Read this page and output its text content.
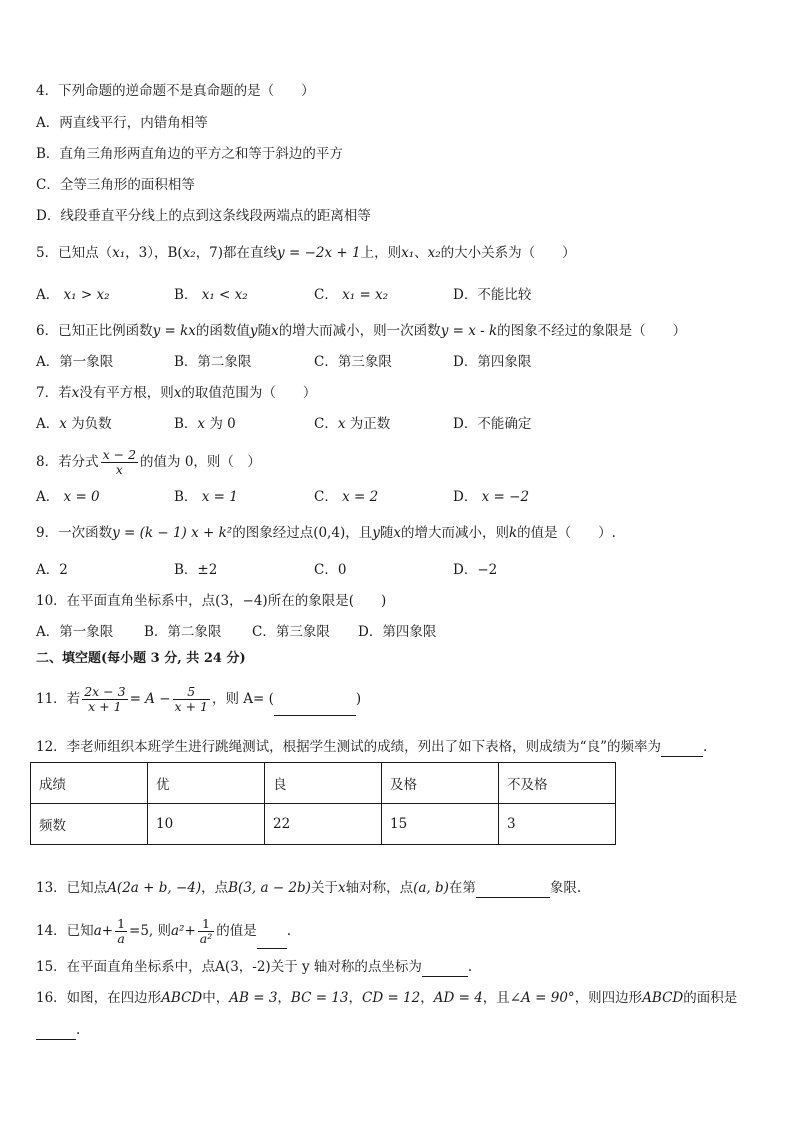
4．下列命题的逆命题不是真命题的是（　　）
A．两直线平行，内错角相等
B．直角三角形两直角边的平方之和等于斜边的平方
C．全等三角形的面积相等
D．线段垂直平分线上的点到这条线段两端点的距离相等
5．已知点（x₁，3），B(x₂，7)都在直线y = −2x + 1上，则x₁、x₂的大小关系为（　　）
A． x₁ > x₂	B． x₁ < x₂	C． x₁ = x₂	D．不能比较
6．已知正比例函数y = kx的函数值y随x的增大而减小，则一次函数y = x - k的图象不经过的象限是（　　）
A．第一象限	B．第二象限	C．第三象限	D．第四象限
7．若x没有平方根，则x的取值范围为（　　）
A．x 为负数	B．x 为 0	C．x 为正数	D．不能确定
8．若分式 $\frac{x - 2}{x}$ 的值为 0，则（　）
A． x = 0	B． x = 1	C． x = 2	D． x = −2
9．一次函数y = (k − 1) x + k²的图象经过点(0,4)，且y随x的增大而减小，则k的值是（　　）.
A．2	B．±2	C．0	D．−2
10．在平面直角坐标系中，点(3，−4)所在的象限是(　　)
A．第一象限 B．第二象限 C．第三象限 D．第四象限
二、填空题(每小题 3 分, 共 24 分)
11．若 $\frac{2x - 3}{x + 1} = A - \frac{5}{x + 1}$ ，则 A= (	)
12．李老师组织本班学生进行跳绳测试，根据学生测试的成绩，列出了如下表格，则成绩为“良”的频率为	.
成绩	优	良	及格	不及格
频数	10	22	15	3
13．已知点A(2a + b, −4)，点B(3, a − 2b)关于x轴对称，点(a, b)在第	象限.
14．已知$a+ \frac{1}{a} =5$, 则$a^2+ \frac{1}{\text{a²}}$ 的值是 .
15．在平面直角坐标系中，点A(3，-2)关于 y 轴对称的点坐标为	.
16．如图，在四边形ABCD中，AB = 3，BC = 13，CD = 12，AD = 4，且∠A = 90°，则四边形ABCD的面积是
.
